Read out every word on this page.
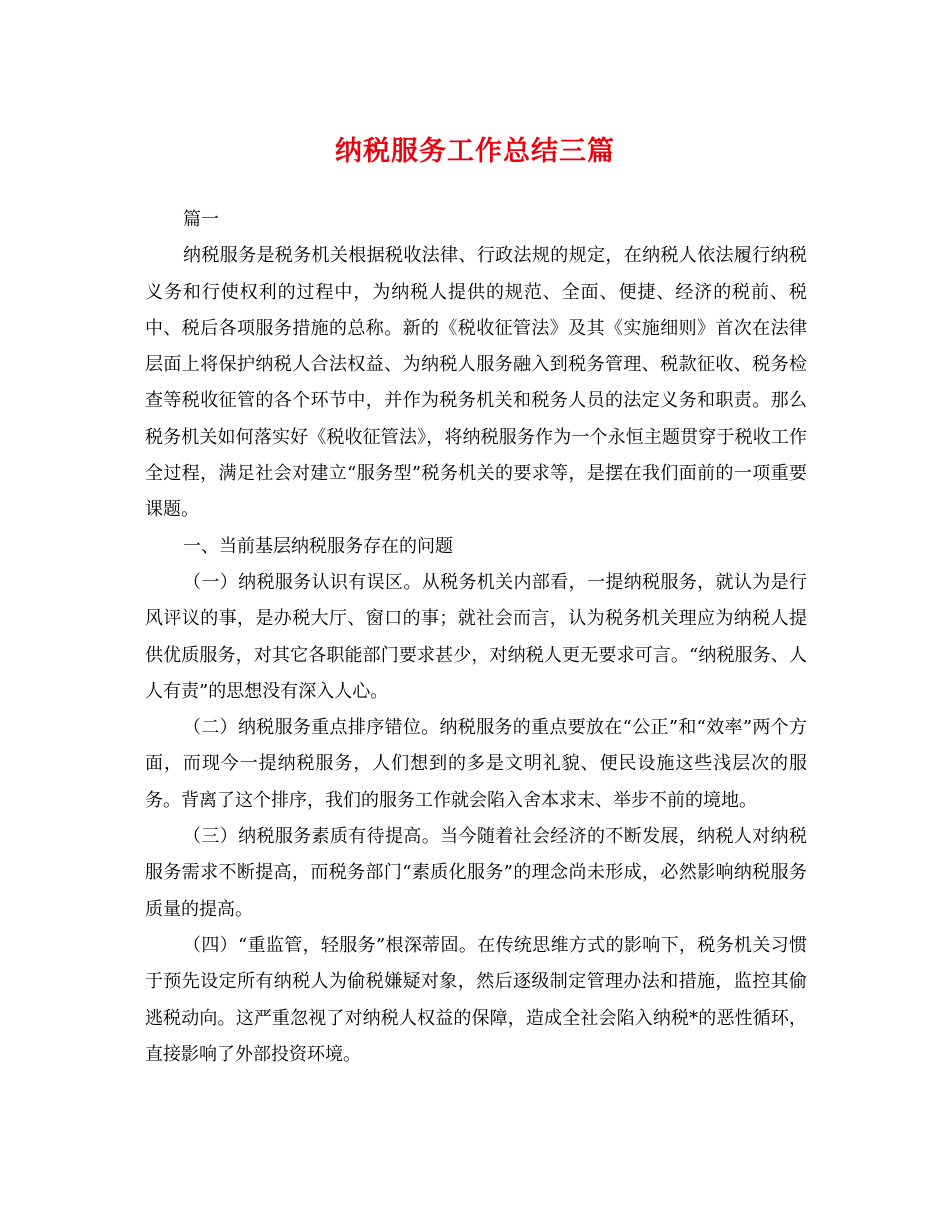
纳税服务工作总结三篇

篇一

纳税服务是税务机关根据税收法律、行政法规的规定，在纳税人依法履行纳税义务和行使权利的过程中，为纳税人提供的规范、全面、便捷、经济的税前、税中、税后各项服务措施的总称。新的《税收征管法》及其《实施细则》首次在法律层面上将保护纳税人合法权益、为纳税人服务融入到税务管理、税款征收、税务检查等税收征管的各个环节中，并作为税务机关和税务人员的法定义务和职责。那么税务机关如何落实好《税收征管法》，将纳税服务作为一个永恒主题贯穿于税收工作全过程，满足社会对建立“服务型”税务机关的要求等，是摆在我们面前的一项重要课题。

一、当前基层纳税服务存在的问题

（一）纳税服务认识有误区。从税务机关内部看，一提纳税服务，就认为是行风评议的事，是办税大厅、窗口的事；就社会而言，认为税务机关理应为纳税人提供优质服务，对其它各职能部门要求甚少，对纳税人更无要求可言。“纳税服务、人人有责”的思想没有深入人心。

（二）纳税服务重点排序错位。纳税服务的重点要放在“公正”和“效率”两个方面，而现今一提纳税服务，人们想到的多是文明礼貌、便民设施这些浅层次的服务。背离了这个排序，我们的服务工作就会陷入舍本求末、举步不前的境地。

（三）纳税服务素质有待提高。当今随着社会经济的不断发展，纳税人对纳税服务需求不断提高，而税务部门“素质化服务”的理念尚未形成，必然影响纳税服务质量的提高。

（四）“重监管，轻服务”根深蒂固。在传统思维方式的影响下，税务机关习惯于预先设定所有纳税人为偷税嫌疑对象，然后逐级制定管理办法和措施，监控其偷逃税动向。这严重忽视了对纳税人权益的保障，造成全社会陷入纳税*的恶性循环，直接影响了外部投资环境。
